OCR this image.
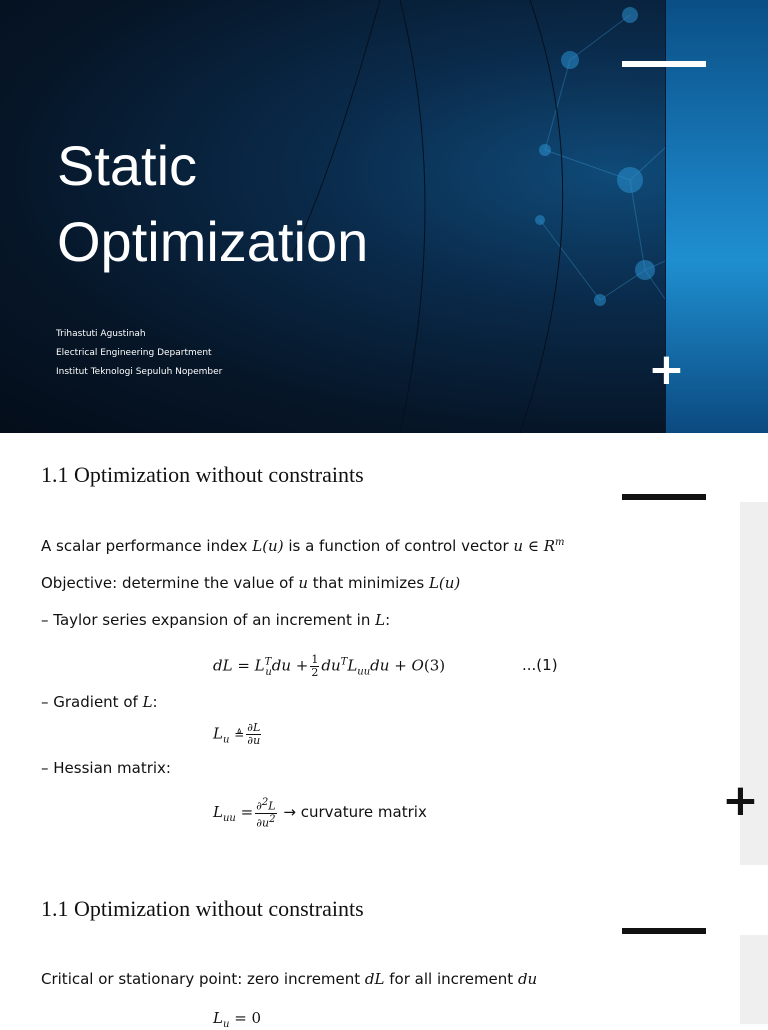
Static
Optimization
Trihastuti Agustinah
Electrical Engineering Department
Institut Teknologi Sepuluh Nopember	+
1.1 Optimization without constraints
+
A scalar performance index L(u) is a function of control vector u ∈ $R^m$
Objective: determine the value of u that minimizes L(u)
– Taylor series expansion of an increment in L:
dL = $L^T_udu + \frac{1}{2} du^TL_{uu}du + O(3)$	...(1)
– Gradient of L:
$L_u$ ≜ $\frac{\partial L}{\partial u}$
– Hessian matrix:
$L_{uu} = \frac{\partial^2L}{\partial u^2}$ → curvature matrix
1.1 Optimization without constraints
Critical or stationary point: zero increment dL for all increment du
$L_u = 0$
